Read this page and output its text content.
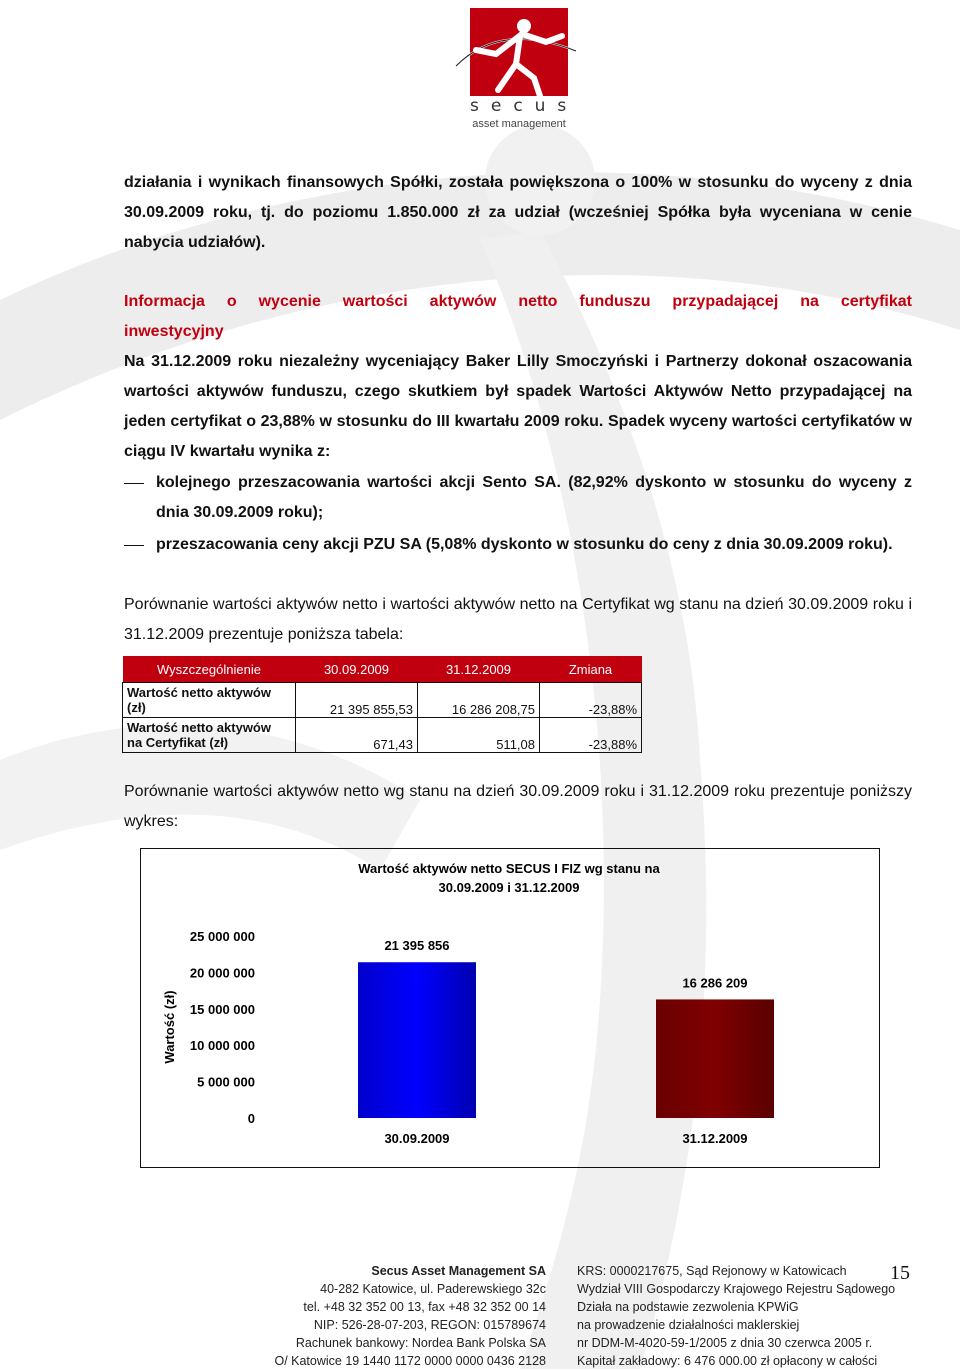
secus
asset management
działania i wynikach finansowych Spółki, została powiększona o 100% w stosunku do wyceny z dnia 30.09.2009 roku, tj. do poziomu 1.850.000 zł za udział (wcześniej Spółka była wyceniana w cenie nabycia udziałów).
Informacja o wycenie wartości aktywów netto funduszu przypadającej na certyfikat inwestycyjny
Na 31.12.2009 roku niezależny wyceniający Baker Lilly Smoczyński i Partnerzy dokonał oszacowania wartości aktywów funduszu, czego skutkiem był spadek Wartości Aktywów Netto przypadającej na jeden certyfikat o 23,88% w stosunku do III kwartału 2009 roku. Spadek wyceny wartości certyfikatów w ciągu IV kwartału wynika z:
kolejnego przeszacowania wartości akcji Sento SA. (82,92% dyskonto w stosunku do wyceny z dnia 30.09.2009 roku);
przeszacowania ceny akcji PZU SA (5,08% dyskonto w stosunku do ceny z dnia 30.09.2009 roku).
Porównanie wartości aktywów netto i wartości aktywów netto na Certyfikat wg stanu na dzień 30.09.2009 roku i 31.12.2009 prezentuje poniższa tabela:
Wyszczególnienie	30.09.2009	31.12.2009	Zmiana
Wartość netto aktywów
(zł)	21 395 855,53	16 286 208,75	-23,88%
Wartość netto aktywów
na Certyfikat (zł)	671,43	511,08	-23,88%
Porównanie wartości aktywów netto wg stanu na dzień 30.09.2009 roku i 31.12.2009 roku prezentuje poniższy wykres:
Wartość aktywów netto SECUS I FIZ wg stanu na
30.09.2009 i 31.12.2009
Wartość (zł)
0
5 000 000
10 000 000
15 000 000
20 000 000
25 000 000
21 395 856
30.09.2009
16 286 209
31.12.2009
Secus Asset Management SA
40-282 Katowice, ul. Paderewskiego 32c
tel. +48 32 352 00 13, fax +48 32 352 00 14
NIP: 526-28-07-203, REGON: 015789674
Rachunek bankowy: Nordea Bank Polska SA
O/ Katowice 19 1440 1172 0000 0000 0436 2128
KRS: 0000217675, Sąd Rejonowy w Katowicach
Wydział VIII Gospodarczy Krajowego Rejestru Sądowego
Działa na podstawie zezwolenia KPWiG
na prowadzenie działalności maklerskiej
nr DDM-M-4020-59-1/2005 z dnia 30 czerwca 2005 r.
Kapitał zakładowy: 6 476 000.00 zł opłacony w całości
15
